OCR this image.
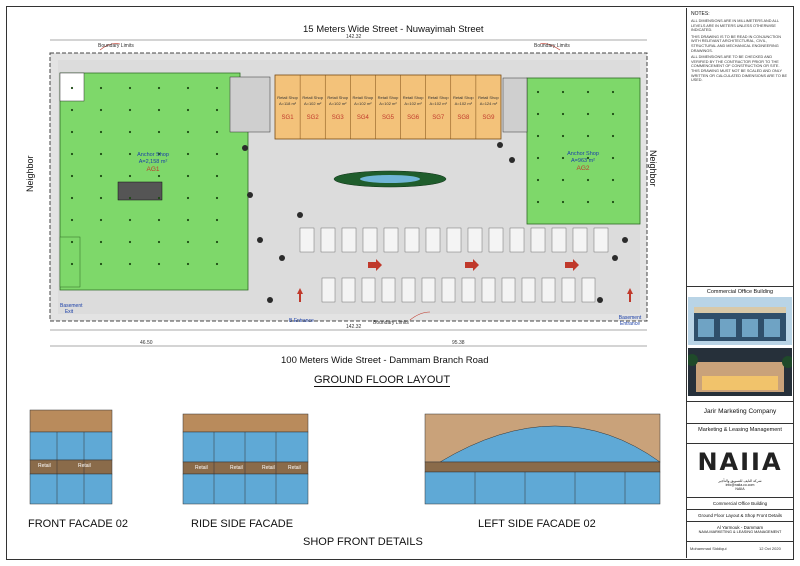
15 Meters Wide Street - Nuwayimah Street
100 Meters Wide Street - Dammam Branch Road
Neighbor	Neighbor
Boundary Limits	Boundary Limits
Boundary Limits
142.32
142.32
46.50	95.38
Anchor Shop
A=2,158 m²
AG1
Anchor Shop
A=963 m²
AG2
Retail Shop
A=118 m²
SG1
Retail Shop
A=102 m²
SG2
Retail Shop
A=102 m²
SG3
Retail Shop
A=102 m²
SG4
Retail Shop
A=102 m²
SG5
Retail Shop
A=102 m²
SG6
Retail Shop
A=102 m²
SG7
Retail Shop
A=102 m²
SG8
Retail Shop
A=124 m²
SG9
B Entrance	Basement Entrance
Basement Exit
GROUND FLOOR LAYOUT
Retail	Retail	Retail	Retail	Retail	Retail
FRONT FACADE 02	RIDE SIDE FACADE	LEFT SIDE FACADE 02
SHOP FRONT DETAILS
NOTES:
ALL DIMENSIONS ARE IN MILLIMETERS AND ALL LEVELS ARE IN METERS UNLESS OTHERWISE INDICATED.
THIS DRAWING IS TO BE READ IN CONJUNCTION WITH RELEVANT ARCHITECTURAL, CIVIL, STRUCTURAL AND MECHANICAL ENGINEERING DRAWINGS.
ALL DIMENSIONS ARE TO BE CHECKED AND VERIFIED BY THE CONTRACTOR PRIOR TO THE COMMENCEMENT OF CONSTRUCTION OR SITE. THIS DRAWING MUST NOT BE SCALED AND ONLY WRITTEN OR CALCULATED DIMENSIONS ARE TO BE USED.
Commercial Office Building
Jarir Marketing Company
Marketing & Leasing Management
NAIIA
شركة النايف للتسويق والتأجير
info@naiia.co.com
NAIIA
Commercial Office Building
Ground Floor Layout & Shop Front Details
Al Yarmouk - Dammam
NAIIA MARKETING & LEASING MANAGEMENT
Mohammad Siddiqui	12 Oct 2020
